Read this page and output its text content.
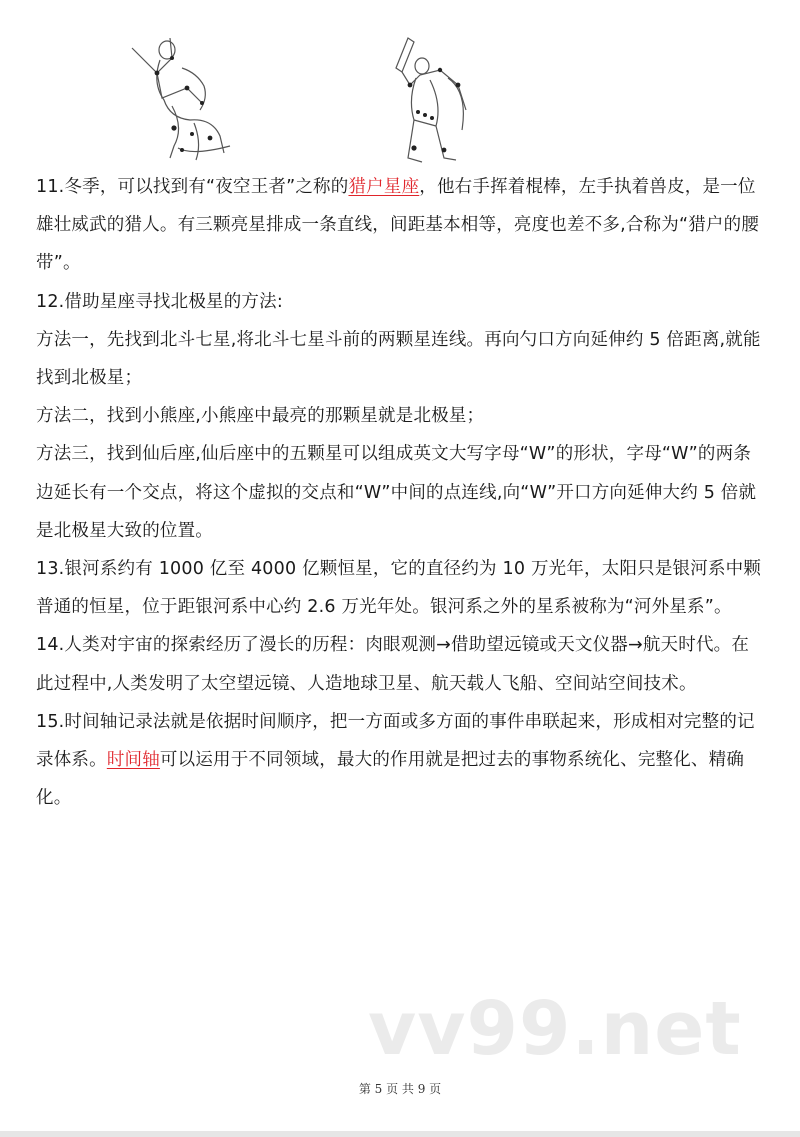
11.冬季，可以找到有“夜空王者”之称的猎户星座，他右手挥着棍棒，左手执着兽皮，是一位雄壮威武的猎人。有三颗亮星排成一条直线，间距基本相等，亮度也差不多,合称为“猎户的腰带”。

12.借助星座寻找北极星的方法:

方法一，先找到北斗七星,将北斗七星斗前的两颗星连线。再向勺口方向延伸约 5 倍距离,就能找到北极星；

方法二，找到小熊座,小熊座中最亮的那颗星就是北极星；

方法三，找到仙后座,仙后座中的五颗星可以组成英文大写字母“W”的形状，字母“W”的两条边延长有一个交点，将这个虚拟的交点和“W”中间的点连线,向“W”开口方向延伸大约 5 倍就是北极星大致的位置。

13.银河系约有 1000 亿至 4000 亿颗恒星，它的直径约为 10 万光年，太阳只是银河系中颗普通的恒星，位于距银河系中心约 2.6 万光年处。银河系之外的星系被称为“河外星系”。

14.人类对宇宙的探索经历了漫长的历程：肉眼观测→借助望远镜或天文仪器→航天时代。在此过程中,人类发明了太空望远镜、人造地球卫星、航天载人飞船、空间站空间技术。

15.时间轴记录法就是依据时间顺序，把一方面或多方面的事件串联起来，形成相对完整的记录体系。时间轴可以运用于不同领域，最大的作用就是把过去的事物系统化、完整化、精确化。

vv99.net
第 5 页 共 9 页
